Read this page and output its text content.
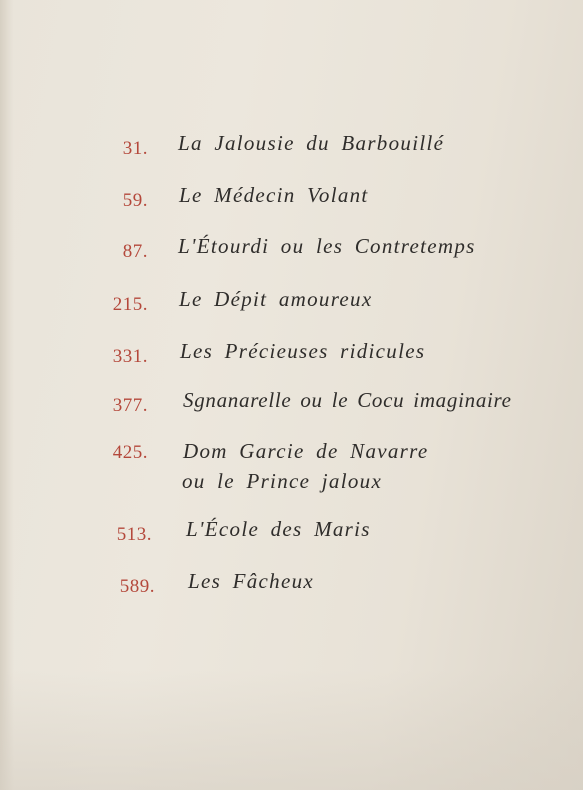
31. La Jalousie du Barbouillé
59. Le Médecin Volant
87. L'Étourdi ou les Contretemps
215. Le Dépit amoureux
331. Les Précieuses ridicules
377. Sgnanarelle ou le Cocu imaginaire
425. Dom Garcie de Navarre
ou le Prince jaloux
513. L'École des Maris
589. Les Fâcheux
